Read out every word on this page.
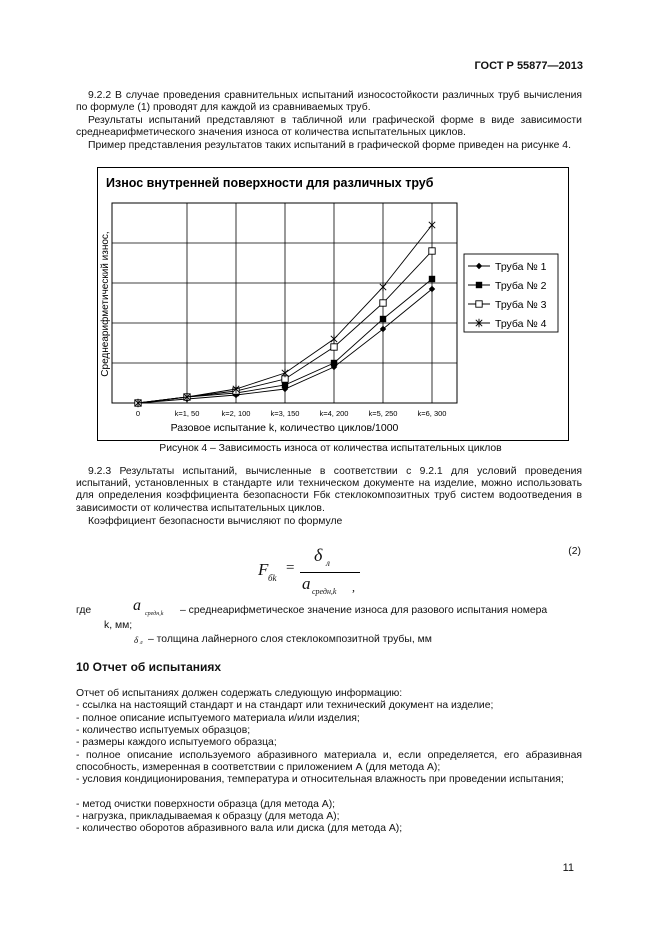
ГОСТ Р 55877—2013
9.2.2 В случае проведения сравнительных испытаний износостойкости различных труб вычисления по формуле (1) проводят для каждой из сравниваемых труб.
Результаты испытаний представляют в табличной или графической форме в виде зависимости среднеарифметического значения износа от количества испытательных циклов.
Пример представления результатов таких испытаний в графической форме приведен на рисунке 4.
Износ внутренней поверхности для различных труб
Среднеарифметический износ,
0	k=1, 50	k=2, 100	k=3, 150	k=4, 200	k=5, 250	k=6, 300
Разовое испытание k, количество циклов/1000
Труба № 1
Труба № 2
Труба № 3
Труба № 4
Рисунок 4 – Зависимость износа от количества испытательных циклов
9.2.3 Результаты испытаний, вычисленные в соответствии с 9.2.1 для условий проведения испытаний, установленных в стандарте или техническом документе на изделие, можно использовать для определения коэффициента безопасности Fбк стеклокомпозитных труб систем водоотведения в зависимости от количества испытательных циклов.
Коэффициент безопасности вычисляют по формуле
F бk
=
δ л
a средн,k ,
(2)
где	a средн,k – среднеарифметическое значение износа для разового испытания номера
k, мм;
δ л – толщина лайнерного слоя стеклокомпозитной трубы, мм
10 Отчет об испытаниях
Отчет об испытаниях должен содержать следующую информацию:
- ссылка на настоящий стандарт и на стандарт или технический документ на изделие;
- полное описание испытуемого материала и/или изделия;
- количество испытуемых образцов;
- размеры каждого испытуемого образца;
- полное описание используемого абразивного материала и, если определяется, его абразивная способность, измеренная в соответствии с приложением А (для метода А);
- условия кондиционирования, температура и относительная влажность при проведении испытания;
- метод очистки поверхности образца (для метода А);
- нагрузка, прикладываемая к образцу (для метода А);
- количество оборотов абразивного вала или диска (для метода А);
11
